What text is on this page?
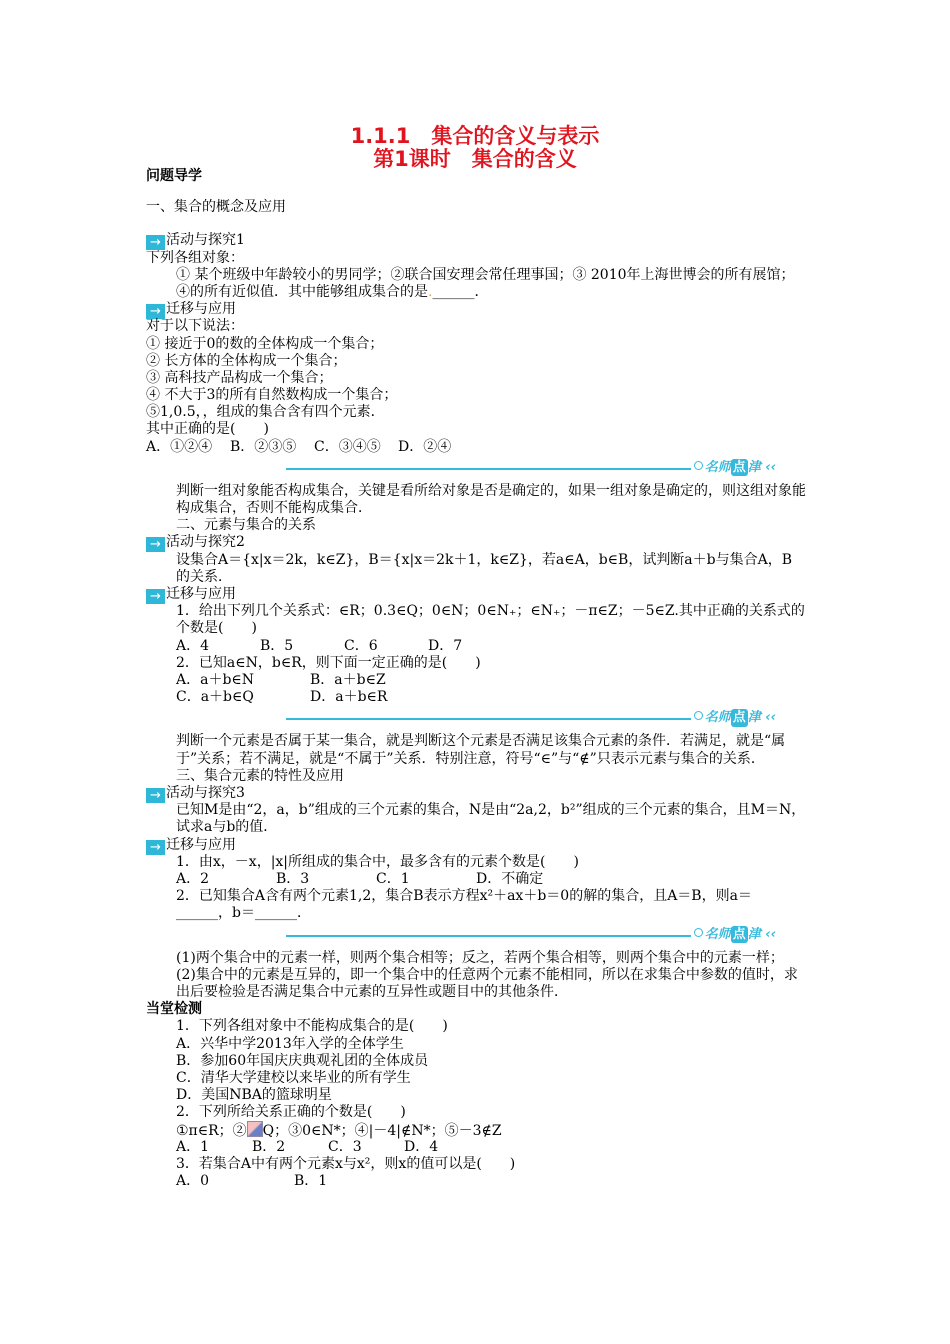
1.1.1　集合的含义与表示
第1课时　集合的含义
问题导学
一、集合的概念及应用
→ 活动与探究1
下列各组对象：
① 某个班级中年龄较小的男同学；②联合国安理会常任理事国；③ 2010年上海世博会的所有展馆；④的所有近似值．其中能够组成集合的是.______．
→ 迁移与应用
对于以下说法：
① 接近于0的数的全体构成一个集合；
② 长方体的全体构成一个集合；
③ 高科技产品构成一个集合；
④ 不大于3的所有自然数构成一个集合；
⑤1,0.5，，组成的集合含有四个元素．
其中正确的是(　　)
A．①②④ B．②③⑤ C．③④⑤ D．②④
名师 点 津 ‹‹
判断一组对象能否构成集合，关键是看所给对象是否是确定的，如果一组对象是确定的，则这组对象能构成集合，否则不能构成集合．
二、元素与集合的关系
→ 活动与探究2
设集合A＝{x|x＝2k，k∈Z}，B＝{x|x＝2k＋1，k∈Z}，若a∈A，b∈B，试判断a＋b与集合A，B的关系．
→ 迁移与应用
1．给出下列几个关系式：∈R；0.3∈Q；0∈N；0∈N₊；∈N₊；－π∈Z；－5∈Z.其中正确的关系式的个数是(　　)
A．4	B．5	C．6	D．7
2．已知a∈N，b∈R，则下面一定正确的是(　　)
A．a＋b∈N	B．a＋b∈Z
C．a＋b∈Q	D．a＋b∈R
名师 点 津 ‹‹
判断一个元素是否属于某一集合，就是判断这个元素是否满足该集合元素的条件．若满足，就是“属于”关系；若不满足，就是“不属于”关系．特别注意，符号“∈”与“∉”只表示元素与集合的关系．
三、集合元素的特性及应用
→ 活动与探究3
已知M是由“2，a，b”组成的三个元素的集合，N是由“2a,2，b²”组成的三个元素的集合，且M＝N，试求a与b的值．
→ 迁移与应用
1．由x，－x，|x|所组成的集合中，最多含有的元素个数是(　　)
A．2	B．3	C．1	D．不确定
2．已知集合A含有两个元素1,2，集合B表示方程x²＋ax＋b＝0的解的集合，且A＝B，则a＝______，b＝______．
名师 点 津 ‹‹
(1)两个集合中的元素一样，则两个集合相等；反之，若两个集合相等，则两个集合中的元素一样；
(2)集合中的元素是互异的，即一个集合中的任意两个元素不能相同，所以在求集合中参数的值时，求出后要检验是否满足集合中元素的互异性或题目中的其他条件．
当堂检测
1．下列各组对象中不能构成集合的是(　　)
A．兴华中学2013年入学的全体学生
B．参加60年国庆庆典观礼团的全体成员
C．清华大学建校以来毕业的所有学生
D．美国NBA的篮球明星
2．下列所给关系正确的个数是(　　)
①π∈R；② Q；③0∈N*；④|－4|∉N*；⑤－3∉Z
A．1	B．2	C．3	D．4
3．若集合A中有两个元素x与x²，则x的值可以是(　　)
A．0	B．1
